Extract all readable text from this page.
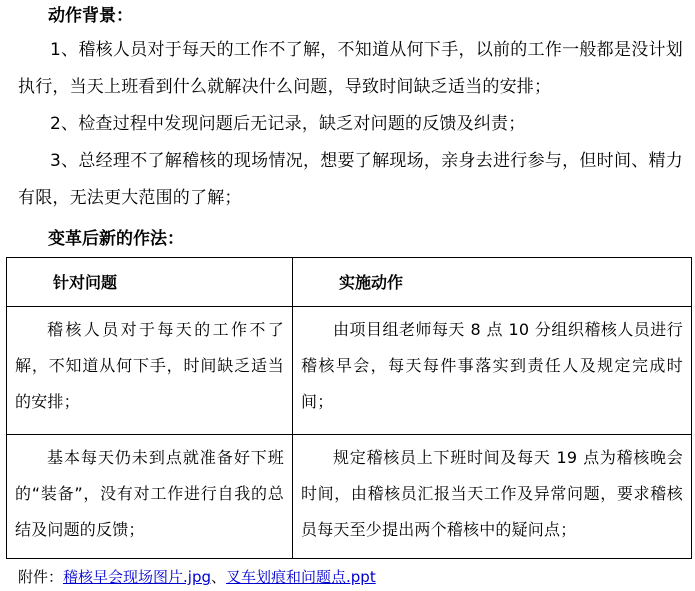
动作背景：
1、稽核人员对于每天的工作不了解，不知道从何下手，以前的工作一般都是没计划执行，当天上班看到什么就解决什么问题，导致时间缺乏适当的安排；
2、检查过程中发现问题后无记录，缺乏对问题的反馈及纠责；
3、总经理不了解稽核的现场情况，想要了解现场，亲身去进行参与，但时间、精力有限，无法更大范围的了解；
变革后新的作法：
针对问题	实施动作

稽核人员对于每天的工作不了解，不知道从何下手，时间缺乏适当的安排；	由项目组老师每天 8 点 10 分组织稽核人员进行稽核早会，每天每件事落实到责任人及规定完成时间；

基本每天仍未到点就准备好下班的“装备”，没有对工作进行自我的总结及问题的反馈；	规定稽核员上下班时间及每天 19 点为稽核晚会时间，由稽核员汇报当天工作及异常问题，要求稽核员每天至少提出两个稽核中的疑问点；
附件：稽核早会现场图片.jpg、叉车划痕和问题点.ppt
